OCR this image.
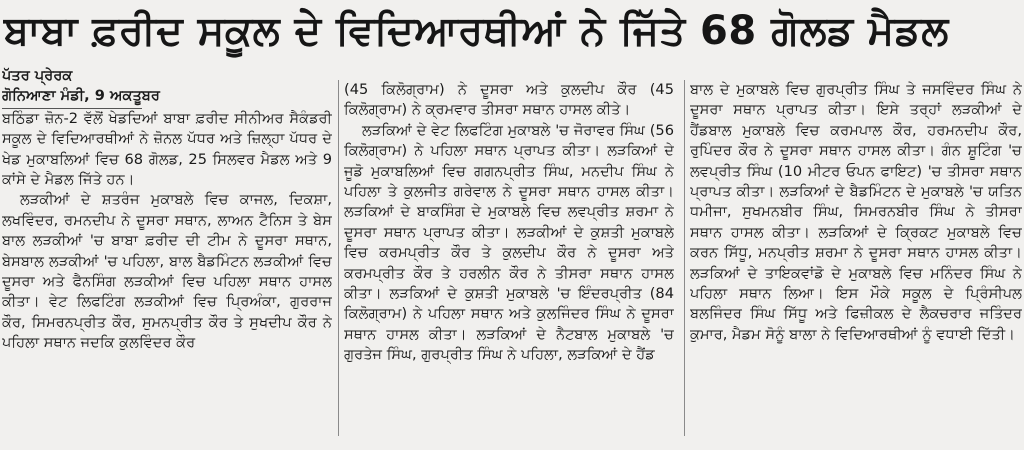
ਬਾਬਾ ਫ਼ਰੀਦ ਸਕੂਲ ਦੇ ਵਿਦਿਆਰਥੀਆਂ ਨੇ ਜਿੱਤੇ 68 ਗੋਲਡ ਮੈਡਲ

ਪੱਤਰ ਪ੍ਰੇਰਕ

ਗੋਨਿਆਣਾ ਮੰਡੀ, 9 ਅਕਤੂਬਰ

ਬਠਿੰਡਾ ਜ਼ੋਨ-2 ਵੱਲੋਂ ਖੇਡਦਿਆਂ ਬਾਬਾ ਫ਼ਰੀਦ ਸੀਨੀਅਰ ਸੈਕੰਡਰੀ ਸਕੂਲ ਦੇ ਵਿਦਿਆਰਥੀਆਂ ਨੇ ਜ਼ੋਨਲ ਪੱਧਰ ਅਤੇ ਜ਼ਿਲ੍ਹਾ ਪੱਧਰ ਦੇ ਖੇਡ ਮੁਕਾਬਲਿਆਂ ਵਿਚ 68 ਗੋਲਡ, 25 ਸਿਲਵਰ ਮੈਡਲ ਅਤੇ 9 ਕਾਂਸੇ ਦੇ ਮੈਡਲ ਜਿੱਤੇ ਹਨ।

ਲੜਕੀਆਂ ਦੇ ਸ਼ਤਰੰਜ ਮੁਕਾਬਲੇ ਵਿਚ ਕਾਜਲ, ਦਿਕਸ਼ਾ, ਲਖਵਿੰਦਰ, ਰਮਨਦੀਪ ਨੇ ਦੂਸਰਾ ਸਥਾਨ, ਲਾਅਨ ਟੈਨਿਸ ਤੇ ਬੇਸ ਬਾਲ ਲੜਕੀਆਂ 'ਚ ਬਾਬਾ ਫ਼ਰੀਦ ਦੀ ਟੀਮ ਨੇ ਦੂਸਰਾ ਸਥਾਨ, ਬੇਸਬਾਲ ਲੜਕੀਆਂ 'ਚ ਪਹਿਲਾ, ਬਾਲ ਬੈਡਮਿੰਟਨ ਲੜਕੀਆਂ ਵਿਚ ਦੂਸਰਾ ਅਤੇ ਫੈਨਸਿੰਗ ਲੜਕੀਆਂ ਵਿਚ ਪਹਿਲਾ ਸਥਾਨ ਹਾਸਲ ਕੀਤਾ। ਵੇਟ ਲਿਫਟਿੰਗ ਲੜਕੀਆਂ ਵਿਚ ਪ੍ਰਿਅੰਕਾ, ਗੁਰਰਾਜ ਕੌਰ, ਸਿਮਰਨਪ੍ਰੀਤ ਕੌਰ, ਸੁਮਨਪ੍ਰੀਤ ਕੌਰ ਤੇ ਸੁਖਦੀਪ ਕੌਰ ਨੇ ਪਹਿਲਾ ਸਥਾਨ ਜਦਕਿ ਕੁਲਵਿੰਦਰ ਕੌਰ

(45 ਕਿਲੋਗ੍ਰਾਮ) ਨੇ ਦੂਸਰਾ ਅਤੇ ਕੁਲਦੀਪ ਕੌਰ (45 ਕਿਲੋਗ੍ਰਾਮ) ਨੇ ਕ੍ਰਮਵਾਰ ਤੀਸਰਾ ਸਥਾਨ ਹਾਸਲ ਕੀਤੇ।

ਲੜਕਿਆਂ ਦੇ ਵੇਟ ਲਿਫਟਿੰਗ ਮੁਕਾਬਲੇ 'ਚ ਜੋਰਾਵਰ ਸਿੰਘ (56 ਕਿਲੋਗ੍ਰਾਮ) ਨੇ ਪਹਿਲਾ ਸਥਾਨ ਪ੍ਰਾਪਤ ਕੀਤਾ। ਲੜਕਿਆਂ ਦੇ ਜੂਡੋ ਮੁਕਾਬਲਿਆਂ ਵਿਚ ਗਗਨਪ੍ਰੀਤ ਸਿੰਘ, ਮਨਦੀਪ ਸਿੰਘ ਨੇ ਪਹਿਲਾ ਤੇ ਕੁਲਜੀਤ ਗਰੇਵਾਲ ਨੇ ਦੂਸਰਾ ਸਥਾਨ ਹਾਸਲ ਕੀਤਾ। ਲੜਕਿਆਂ ਦੇ ਬਾਕਸਿੰਗ ਦੇ ਮੁਕਾਬਲੇ ਵਿਚ ਲਵਪ੍ਰੀਤ ਸ਼ਰਮਾ ਨੇ ਦੂਸਰਾ ਸਥਾਨ ਪ੍ਰਾਪਤ ਕੀਤਾ। ਲੜਕੀਆਂ ਦੇ ਕੁਸ਼ਤੀ ਮੁਕਾਬਲੇ ਵਿਚ ਕਰਮਪ੍ਰੀਤ ਕੌਰ ਤੇ ਕੁਲਦੀਪ ਕੌਰ ਨੇ ਦੂਸਰਾ ਅਤੇ ਕਰਮਪ੍ਰੀਤ ਕੌਰ ਤੇ ਹਰਲੀਨ ਕੌਰ ਨੇ ਤੀਸਰਾ ਸਥਾਨ ਹਾਸਲ ਕੀਤਾ। ਲੜਕਿਆਂ ਦੇ ਕੁਸ਼ਤੀ ਮੁਕਾਬਲੇ 'ਚ ਇੰਦਰਪ੍ਰੀਤ (84 ਕਿਲੋਗ੍ਰਾਮ) ਨੇ ਪਹਿਲਾ ਸਥਾਨ ਅਤੇ ਕੁਲਜਿੰਦਰ ਸਿੰਘ ਨੇ ਦੂਸਰਾ ਸਥਾਨ ਹਾਸਲ ਕੀਤਾ। ਲੜਕਿਆਂ ਦੇ ਨੈਟਬਾਲ ਮੁਕਾਬਲੇ 'ਚ ਗੁਰਤੇਜ ਸਿੰਘ, ਗੁਰਪ੍ਰੀਤ ਸਿੰਘ ਨੇ ਪਹਿਲਾ, ਲੜਕਿਆਂ ਦੇ ਹੈਂਡ

ਬਾਲ ਦੇ ਮੁਕਾਬਲੇ ਵਿਚ ਗੁਰਪ੍ਰੀਤ ਸਿੰਘ ਤੇ ਜਸਵਿੰਦਰ ਸਿੰਘ ਨੇ ਦੂਸਰਾ ਸਥਾਨ ਪ੍ਰਾਪਤ ਕੀਤਾ। ਇਸੇ ਤਰ੍ਹਾਂ ਲੜਕੀਆਂ ਦੇ ਹੈਂਡਬਾਲ ਮੁਕਾਬਲੇ ਵਿਚ ਕਰਮਪਾਲ ਕੌਰ, ਹਰਮਨਦੀਪ ਕੌਰ, ਰੁਪਿੰਦਰ ਕੌਰ ਨੇ ਦੂਸਰਾ ਸਥਾਨ ਹਾਸਲ ਕੀਤਾ। ਗੰਨ ਸ਼ੂਟਿੰਗ 'ਚ ਲਵਪ੍ਰੀਤ ਸਿੰਘ (10 ਮੀਟਰ ਓਪਨ ਫਾਇਟ) 'ਚ ਤੀਸਰਾ ਸਥਾਨ ਪ੍ਰਾਪਤ ਕੀਤਾ। ਲੜਕਿਆਂ ਦੇ ਬੈਡਮਿੰਟਨ ਦੇ ਮੁਕਾਬਲੇ 'ਚ ਯਤਿਨ ਧਮੀਜਾ, ਸੁਖਮਨਬੀਰ ਸਿੰਘ, ਸਿਮਰਨਬੀਰ ਸਿੰਘ ਨੇ ਤੀਸਰਾ ਸਥਾਨ ਹਾਸਲ ਕੀਤਾ। ਲੜਕਿਆਂ ਦੇ ਕ੍ਰਿਕਟ ਮੁਕਾਬਲੇ ਵਿਚ ਕਰਨ ਸਿੱਧੂ, ਮਨਪ੍ਰੀਤ ਸ਼ਰਮਾ ਨੇ ਦੂਸਰਾ ਸਥਾਨ ਹਾਸਲ ਕੀਤਾ। ਲੜਕਿਆਂ ਦੇ ਤਾਇਕਵਾਂਡੋ ਦੇ ਮੁਕਾਬਲੇ ਵਿਚ ਮਨਿੰਦਰ ਸਿੰਘ ਨੇ ਪਹਿਲਾ ਸਥਾਨ ਲਿਆ। ਇਸ ਮੌਕੇ ਸਕੂਲ ਦੇ ਪ੍ਰਿੰਸੀਪਲ ਬਲਜਿੰਦਰ ਸਿੰਘ ਸਿੱਧੂ ਅਤੇ ਫਿਜ਼ੀਕਲ ਦੇ ਲੈਕਚਰਾਰ ਜਤਿੰਦਰ ਕੁਮਾਰ, ਮੈਡਮ ਸੋਨੂੰ ਬਾਲਾ ਨੇ ਵਿਦਿਆਰਥੀਆਂ ਨੂੰ ਵਧਾਈ ਦਿੱਤੀ।
